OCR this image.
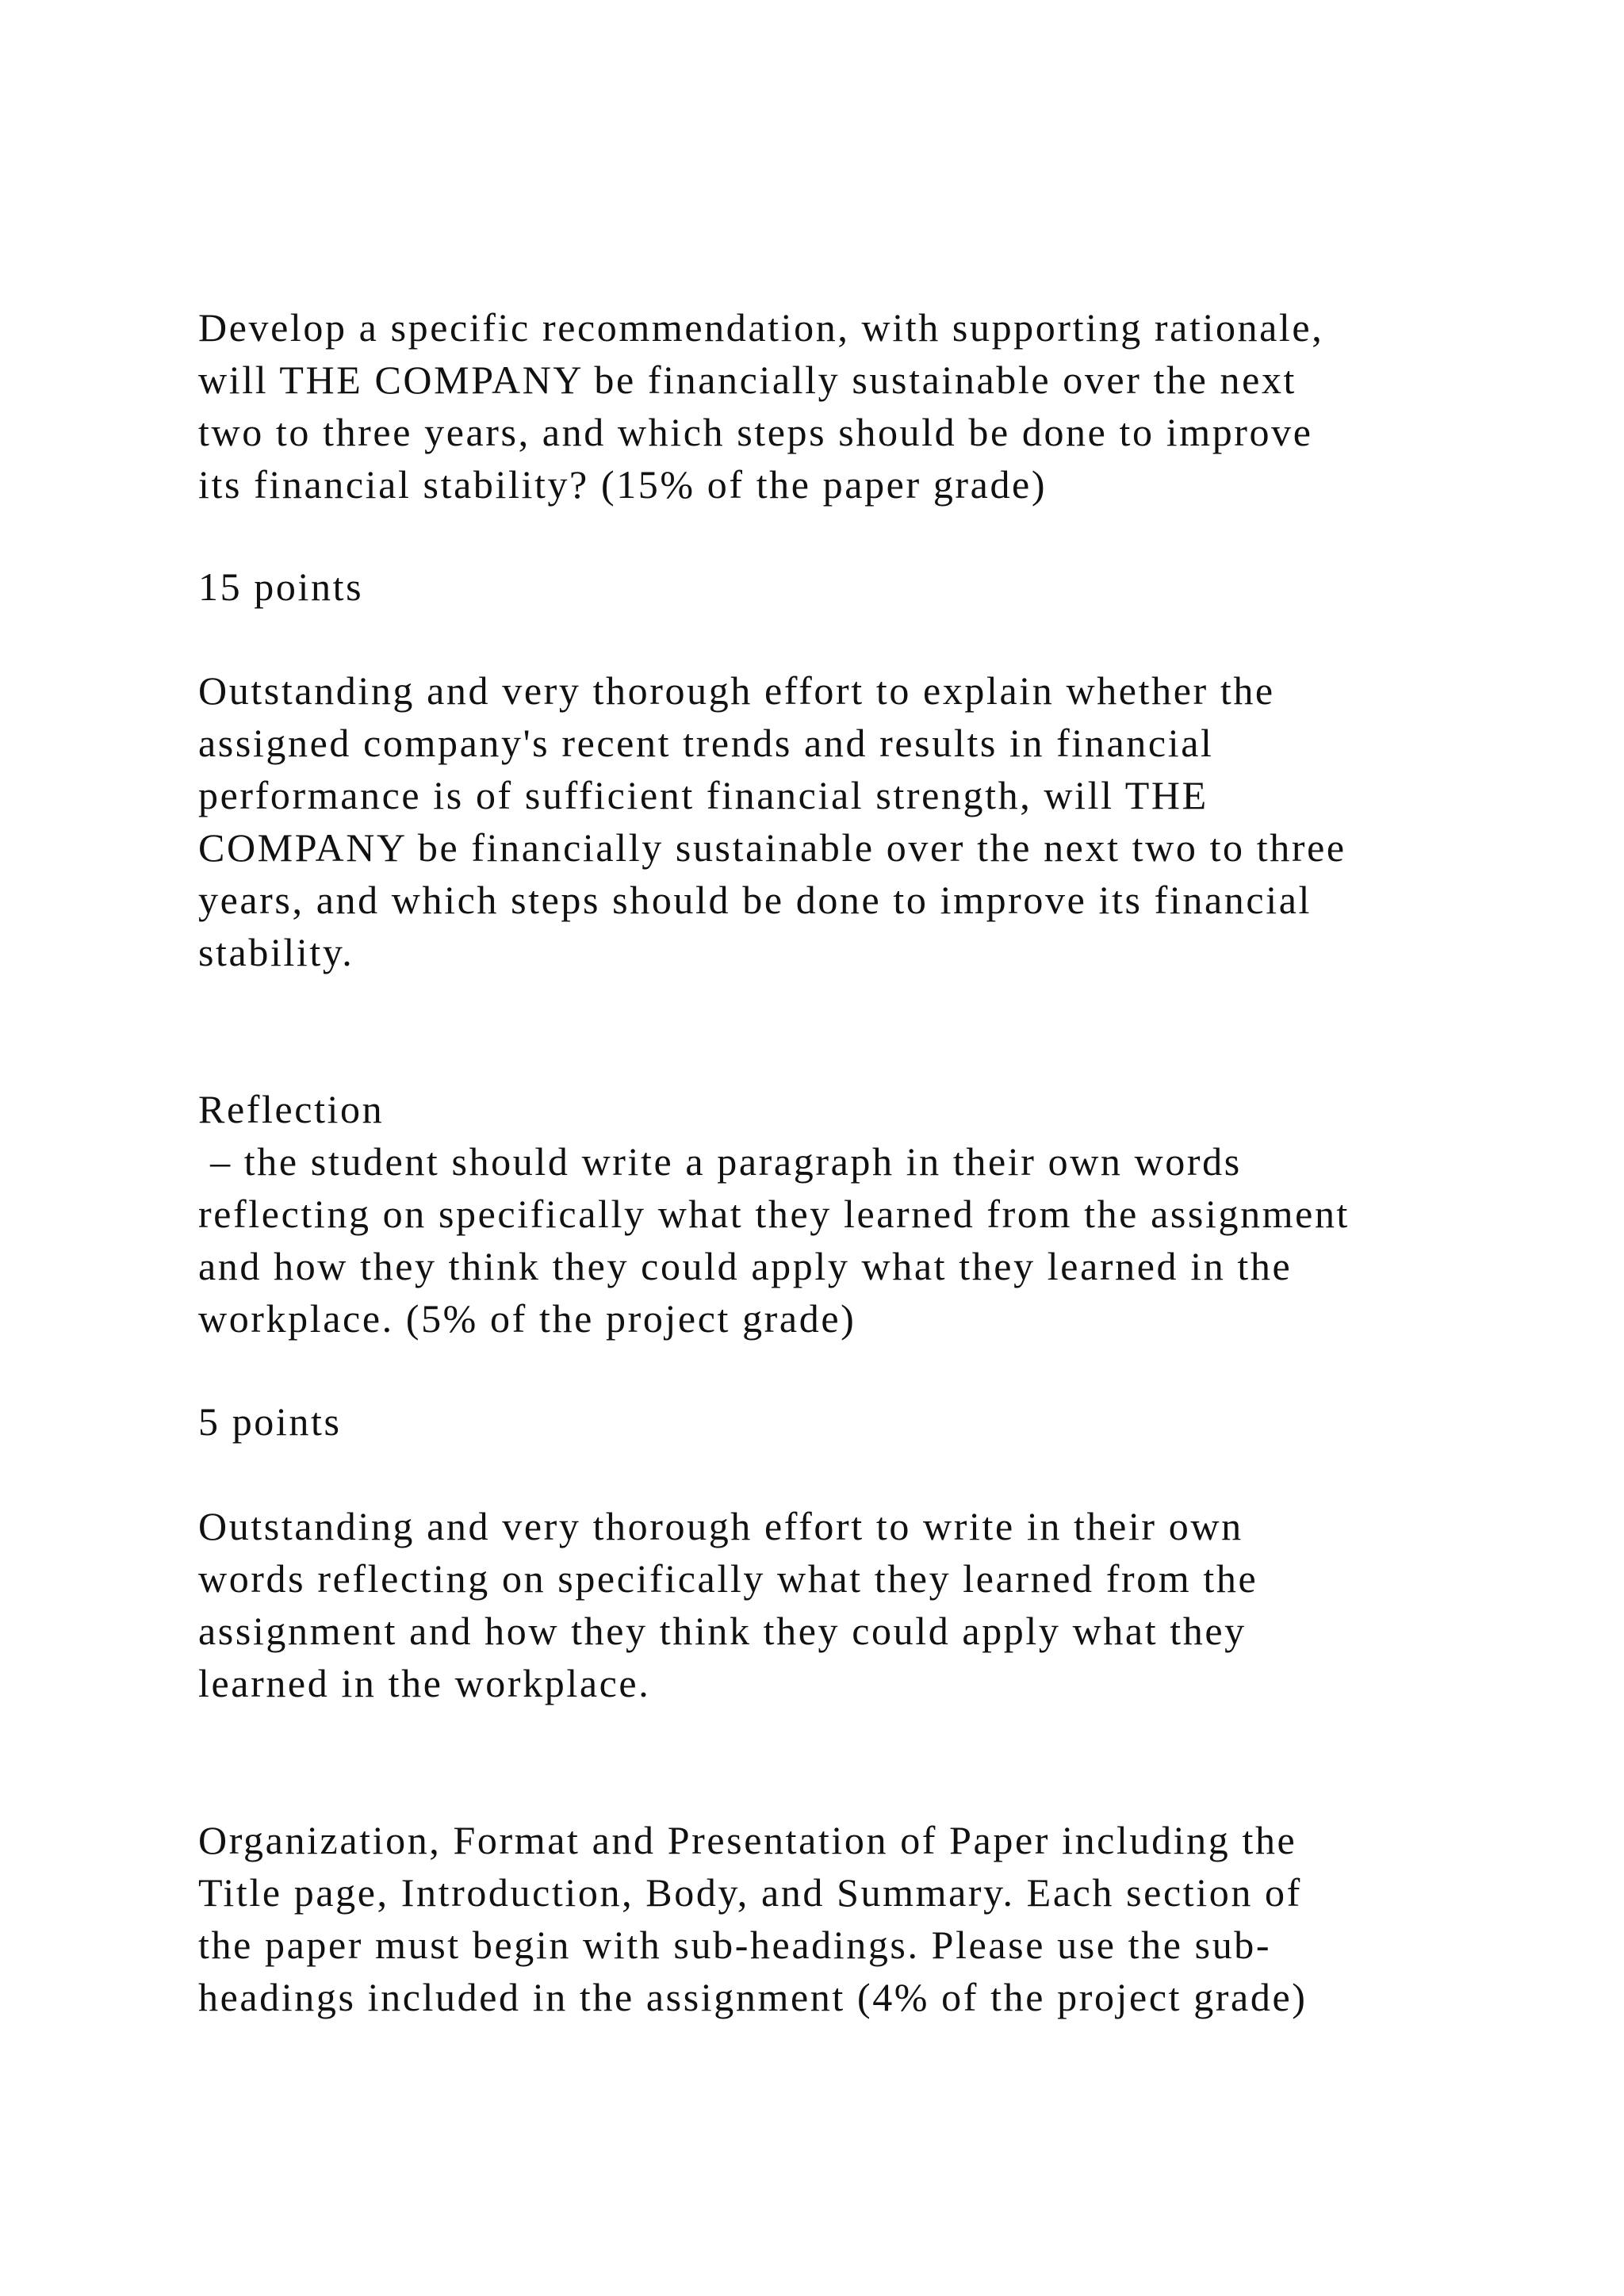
Develop a specific recommendation, with supporting rationale,
will THE COMPANY be financially sustainable over the next
two to three years, and which steps should be done to improve
its financial stability? (15% of the paper grade)

15 points

Outstanding and very thorough effort to explain whether the
assigned company's recent trends and results in financial
performance is of sufficient financial strength, will THE
COMPANY be financially sustainable over the next two to three
years, and which steps should be done to improve its financial
stability.

Reflection
– the student should write a paragraph in their own words
reflecting on specifically what they learned from the assignment
and how they think they could apply what they learned in the
workplace. (5% of the project grade)

5 points

Outstanding and very thorough effort to write in their own
words reflecting on specifically what they learned from the
assignment and how they think they could apply what they
learned in the workplace.

Organization, Format and Presentation of Paper including the
Title page, Introduction, Body, and Summary. Each section of
the paper must begin with sub-headings. Please use the sub-
headings included in the assignment (4% of the project grade)
